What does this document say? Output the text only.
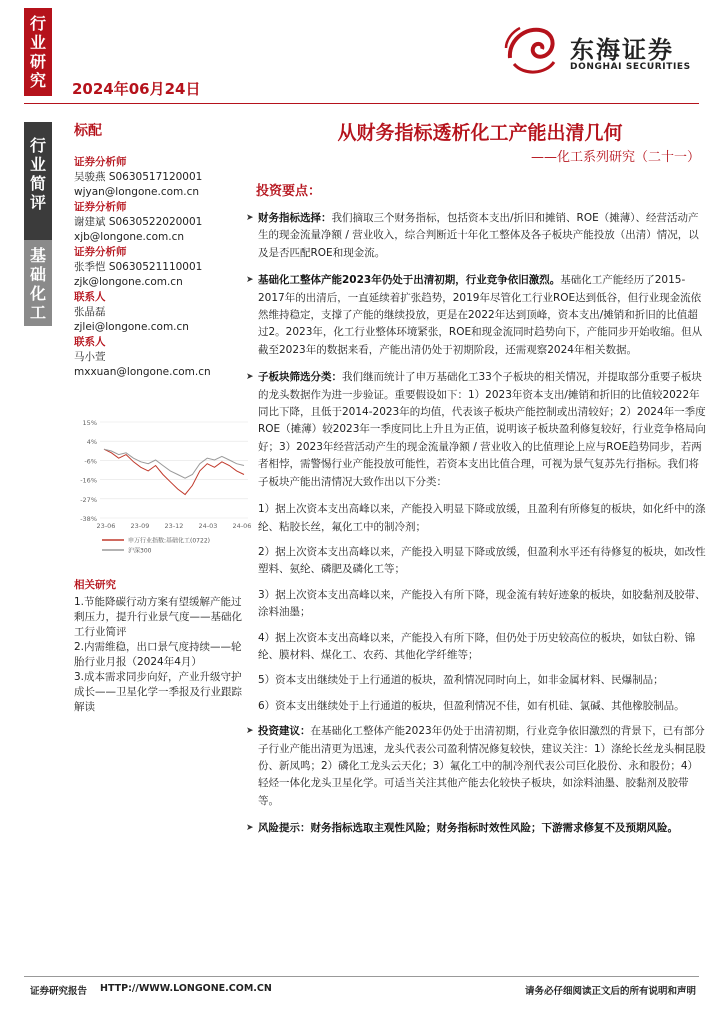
行
业
研
究
行
业
简
评
基
础
化
工
2024年06月24日
东海证券
DONGHAI SECURITIES
从财务指标透析化工产能出清几何
——化工系列研究（二十一）
标配
证券分析师
吴骏燕 S0630517120001
wjyan@longone.com.cn
证券分析师
谢建斌 S0630522020001
xjb@longone.com.cn
证券分析师
张季恺 S0630521110001
zjk@longone.com.cn
联系人
张晶磊
zjlei@longone.com.cn
联系人
马小萱
mxxuan@longone.com.cn
15%
4%
-6%
-16%
-27%
-38%
23-06 23-09 23-12 24-03 24-06
申万行业指数:基础化工(0722)
沪深300
相关研究
1.节能降碳行动方案有望缓解产能过剩压力，提升行业景气度——基础化工行业简评
2.内需维稳，出口景气度持续——轮胎行业月报（2024年4月）
3.成本需求同步向好，产业升级守护成长——卫星化学一季报及行业跟踪解读
投资要点：
➤ 财务指标选择：我们摘取三个财务指标，包括资本支出/折旧和摊销、ROE（摊薄）、经营活动产生的现金流量净额 / 营业收入，综合判断近十年化工整体及各子板块产能投放（出清）情况，以及是否匹配ROE和现金流。
➤ 基础化工整体产能2023年仍处于出清初期，行业竞争依旧激烈。基础化工产能经历了2015-2017年的出清后，一直延续着扩张趋势，2019年尽管化工行业ROE达到低谷，但行业现金流依然维持稳定，支撑了产能的继续投放，更是在2022年达到顶峰，资本支出/摊销和折旧的比值超过2。2023年，化工行业整体环境紧张，ROE和现金流同时趋势向下，产能同步开始收缩。但从截至2023年的数据来看，产能出清仍处于初期阶段，还需观察2024年相关数据。
➤ 子板块筛选分类：我们继而统计了申万基础化工33个子板块的相关情况，并提取部分重要子板块的龙头数据作为进一步验证。重要假设如下：1）2023年资本支出/摊销和折旧的比值较2022年同比下降，且低于2014-2023年的均值，代表该子板块产能控制或出清较好；2）2024年一季度ROE（摊薄）较2023年一季度同比上升且为正值，说明该子板块盈利修复较好，行业竞争格局向好；3）2023年经营活动产生的现金流量净额 / 营业收入的比值理论上应与ROE趋势同步，若两者相悖，需警惕行业产能投放可能性，若资本支出比值合理，可视为景气复苏先行指标。我们将子板块产能出清情况大致作出以下分类：
1）据上次资本支出高峰以来，产能投入明显下降或放缓，且盈利有所修复的板块，如化纤中的涤纶、粘胶长丝，氟化工中的制冷剂；
2）据上次资本支出高峰以来，产能投入明显下降或放缓，但盈利水平还有待修复的板块，如改性塑料、氨纶、磷肥及磷化工等；
3）据上次资本支出高峰以来，产能投入有所下降，现金流有转好迹象的板块，如胶黏剂及胶带、涂料油墨；
4）据上次资本支出高峰以来，产能投入有所下降，但仍处于历史较高位的板块，如钛白粉、锦纶、膜材料、煤化工、农药、其他化学纤维等；
5）资本支出继续处于上行通道的板块，盈利情况同时向上，如非金属材料、民爆制品；
6）资本支出继续处于上行通道的板块，但盈利情况不佳，如有机硅、氯碱、其他橡胶制品。
➤ 投资建议：在基础化工整体产能2023年仍处于出清初期，行业竞争依旧激烈的背景下，已有部分子行业产能出清更为迅速，龙头代表公司盈利情况修复较快，建议关注：1）涤纶长丝龙头桐昆股份、新凤鸣；2）磷化工龙头云天化；3）氟化工中的制冷剂代表公司巨化股份、永和股份；4）轻烃一体化龙头卫星化学。可适当关注其他产能去化较快子板块，如涂料油墨、胶黏剂及胶带等。
➤ 风险提示：财务指标选取主观性风险；财务指标时效性风险；下游需求修复不及预期风险。
证券研究报告 HTTP://WWW.LONGONE.COM.CN	请务必仔细阅读正文后的所有说明和声明
